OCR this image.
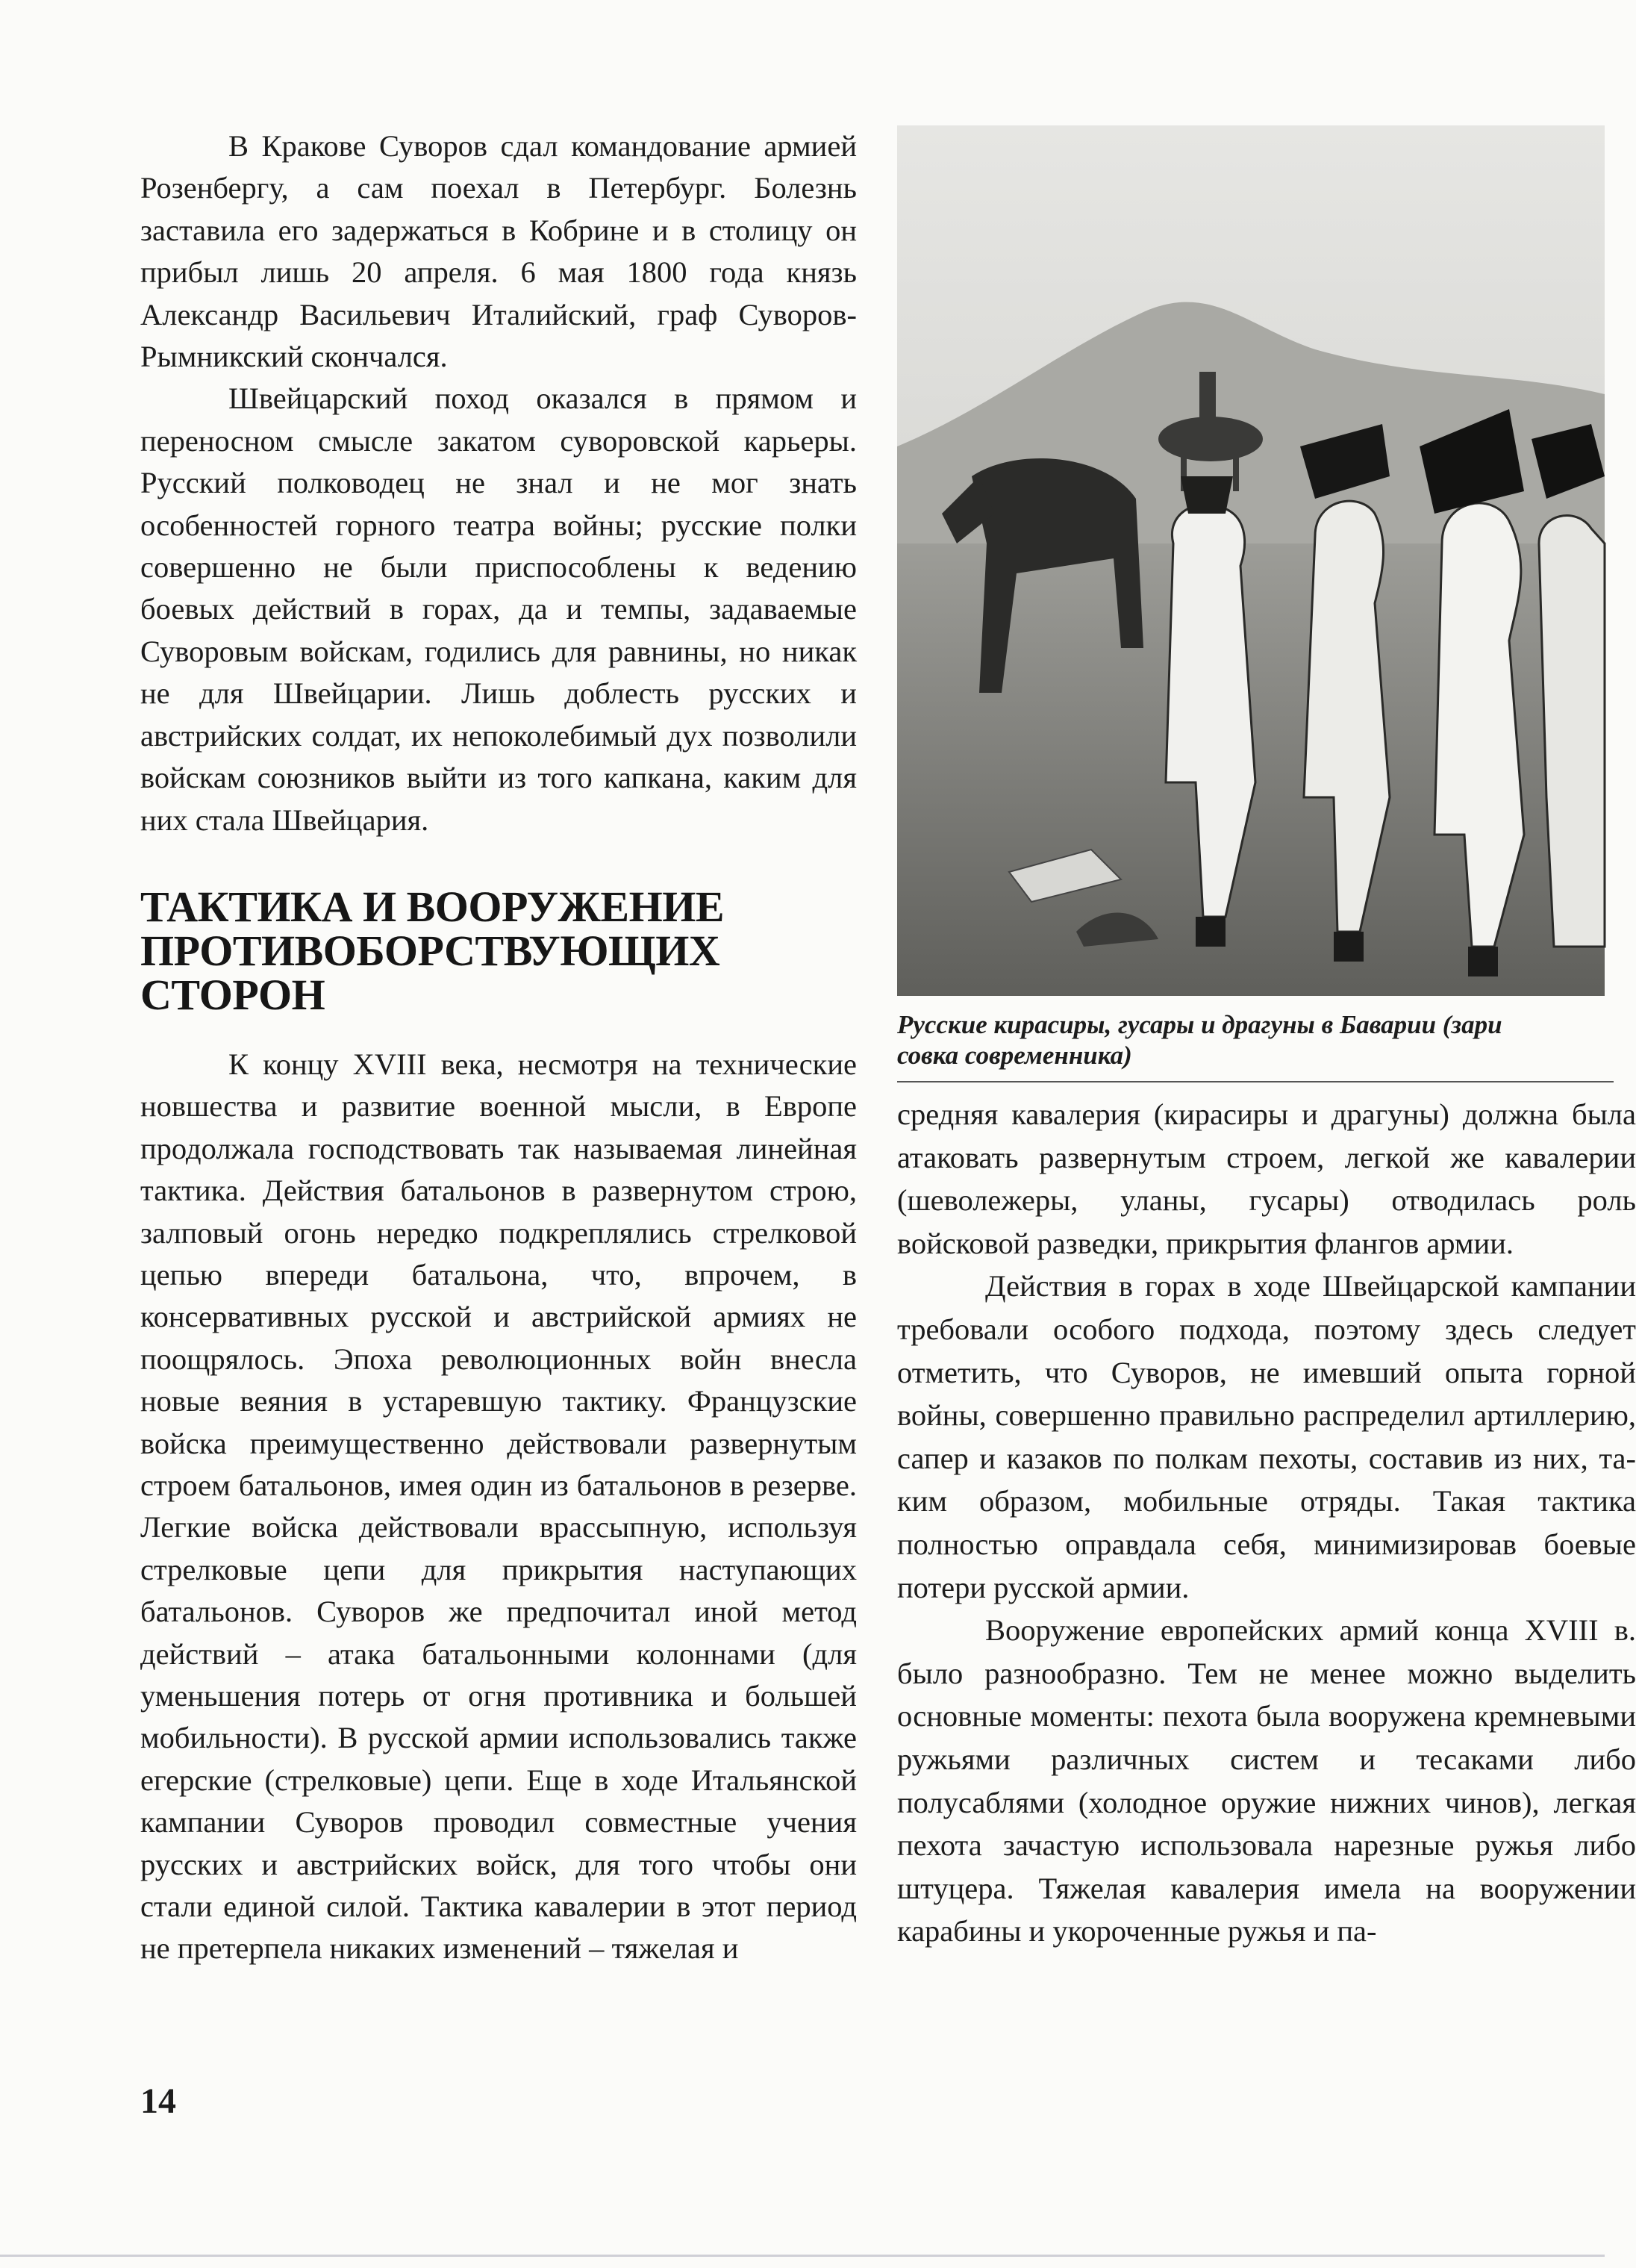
В Кракове Суворов сдал командование армией Розенбергу, а сам поехал в Петербург. Болезнь заставила его задержаться в Кобрине и в столицу он прибыл лишь 20 апреля. 6 мая 1800 года князь Александр Васильевич Италийский, граф Суворов-Рымникский скончался.

Швейцарский поход оказался в прямом и переносном смысле закатом суворовской карьеры. Русский полководец не знал и не мог знать особенностей горного театра войны; русские полки совершенно не были приспособлены к ведению боевых действий в горах, да и темпы, задаваемые Суворовым войскам, годились для равнины, но никак не для Швейцарии. Лишь доблесть русских и австрийских солдат, их непоколебимый дух позволили войскам союзников выйти из того капкана, каким для них стала Швейцария.

ТАКТИКА И ВООРУЖЕНИЕ ПРОТИВОБОРСТВУЮЩИХ СТОРОН

К концу XVIII века, несмотря на технические новшества и развитие военной мысли, в Европе продолжала господствовать так называемая линейная тактика. Действия батальонов в развернутом строю, залповый огонь нередко подкреплялись стрелковой цепью впереди батальона, что, впрочем, в консервативных русской и австрийской армиях не поощрялось. Эпоха революционных войн внесла новые веяния в устаревшую тактику. Французские войска преимущественно действовали развернутым строем батальонов, имея один из батальонов в резерве. Легкие войска действовали врассыпную, используя стрелковые цепи для прикрытия наступающих батальонов. Суворов же предпочитал иной метод действий – атака батальонными колоннами (для уменьшения потерь от огня противника и большей мобильности). В русской армии использовались также егерские (стрелковые) цепи. Еще в ходе Итальянской кампании Суворов проводил совместные учения русских и австрийских войск, для того чтобы они стали единой силой. Тактика кавалерии в этот период не претерпела никаких изменений – тяжелая и

Русские кирасиры, гусары и драгуны в Баварии (зари
совка современника)

средняя кавалерия (кирасиры и драгуны) должна была атаковать развернутым строем, легкой же кавалерии (шеволежеры, уланы, гусары) отводилась роль войсковой разведки, прикрытия флангов армии.

Действия в горах в ходе Швейцарской кампании требовали особого подхода, поэтому здесь следует отметить, что Суворов, не имевший опыта горной войны, совершенно правильно распределил артиллерию, сапер и казаков по полкам пехоты, составив из них, таким образом, мобильные отряды. Такая тактика полностью оправдала себя, минимизировав боевые потери русской армии.

Вооружение европейских армий конца XVIII в. было разнообразно. Тем не менее можно выделить основные моменты: пехота была вооружена кремневыми ружьями различных систем и тесаками либо полусаблями (холодное оружие нижних чинов), легкая пехота зачастую использовала нарезные ружья либо штуцера. Тяжелая кавалерия имела на вооружении карабины и укороченные ружья и па-

14
